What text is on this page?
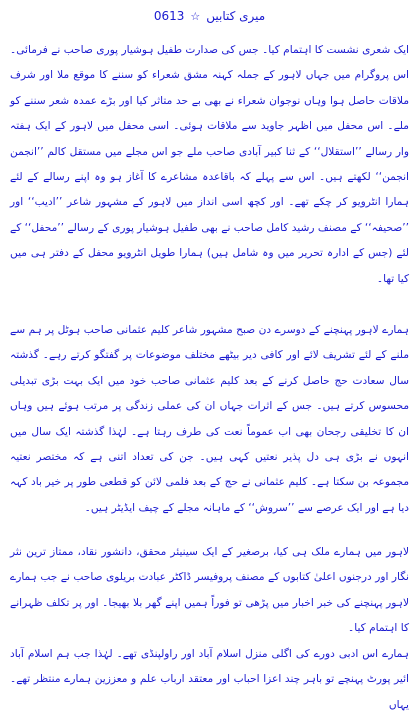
میری کتابیں
☆
0613

ایک شعری نشست کا اہتمام کیا۔ جس کی صدارت طفیل ہوشیار پوری صاحب نے فرمائی۔ اس پروگرام میں جہاں لاہور کے جملہ کہنہ مشق شعراء کو سننے کا موقع ملا اور شرف ملاقات حاصل ہوا وہاں نوجوان شعراء نے بھی بے حد متاثر کیا اور بڑے عمدہ شعر سننے کو ملے۔ اس محفل میں اظہر جاوید سے ملاقات ہوئی۔ اسی محفل میں لاہور کے ایک ہفتہ وار رسالے ’’استقلال‘‘ کے ثنا کبیر آبادی صاحب ملے جو اس مجلے میں مستقل کالم ’’انجمن انجمن‘‘ لکھتے ہیں۔ اس سے پہلے کہ باقاعدہ مشاعرے کا آغاز ہو وہ اپنے رسالے کے لئے ہمارا انٹرویو کر چکے تھے۔ اور کچھ اسی انداز میں لاہور کے مشہور شاعر ’’ادیب‘‘ اور ’’صحیفہ‘‘ کے مصنف رشید کامل صاحب نے بھی طفیل ہوشیار پوری کے رسالے ’’محفل‘‘ کے لئے (جس کے ادارہ تحریر میں وہ شامل ہیں) ہمارا طویل انٹرویو محفل کے دفتر ہی میں کیا تھا۔

ہمارے لاہور پہنچنے کے دوسرے دن صبح مشہور شاعر کلیم عثمانی صاحب ہوٹل پر ہم سے ملنے کے لئے تشریف لائے اور کافی دیر بیٹھے مختلف موضوعات پر گفتگو کرتے رہے۔ گذشتہ سال سعادت حج حاصل کرنے کے بعد کلیم عثمانی صاحب خود میں ایک بہت بڑی تبدیلی محسوس کرتے ہیں۔ جس کے اثرات جہاں ان کی عملی زندگی پر مرتب ہوئے ہیں وہاں ان کا تخلیقی رجحان بھی اب عموماً نعت کی طرف رہتا ہے۔ لہٰذا گذشتہ ایک سال میں انہوں نے بڑی ہی دل پذیر نعتیں کہی ہیں۔ جن کی تعداد اتنی ہے کہ مختصر نعتیہ مجموعہ بن سکتا ہے۔ کلیم عثمانی نے حج کے بعد فلمی لائن کو قطعی طور پر خیر باد کہہ دیا ہے اور ایک عرصے سے ’’سروش‘‘ کے ماہانہ مجلے کے چیف ایڈیٹر ہیں۔

لاہور میں ہمارے ملک ہی کیا، برصغیر کے ایک سینیئر محقق، دانشور نقاد، ممتاز ترین نثر نگار اور درجنوں اعلیٰ کتابوں کے مصنف پروفیسر ڈاکٹر عبادت بریلوی صاحب نے جب ہمارے لاہور پہنچنے کی خبر اخبار میں پڑھی تو فوراً ہمیں اپنے گھر بلا بھیجا۔ اور پر تکلف ظہرانے کا اہتمام کیا۔

ہمارے اس ادبی دورے کی اگلی منزل اسلام آباد اور راولپنڈی تھے۔ لہٰذا جب ہم اسلام آباد ائیر پورٹ پہنچے تو باہر چند اعزا احباب اور معتقد ارباب علم و معززین ہمارے منتظر تھے۔ یہاں
